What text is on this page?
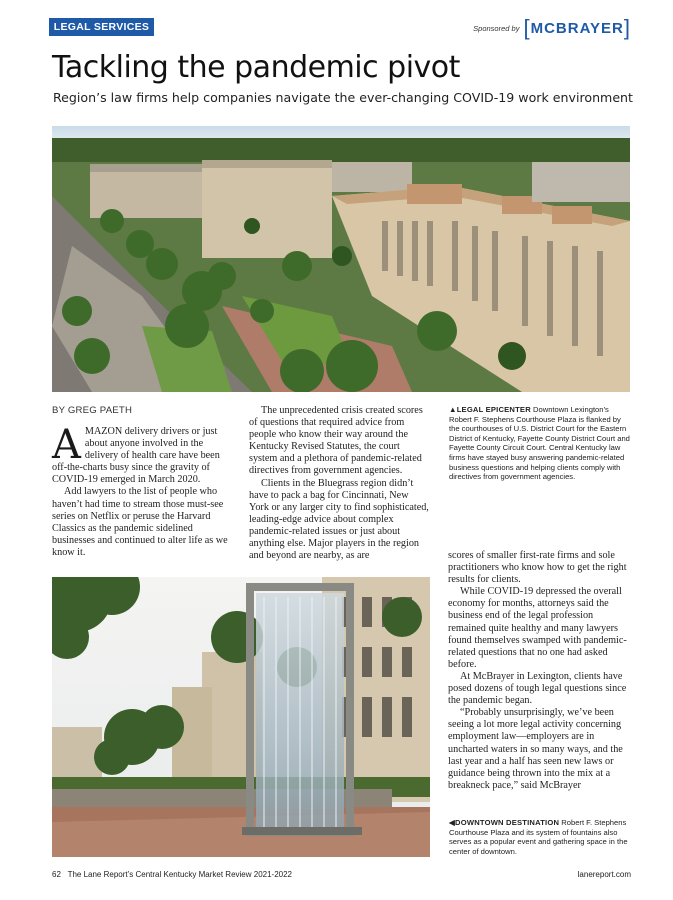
LEGAL SERVICES	Sponsored by [ MCBRAYER ]
Tackling the pandemic pivot
Region’s law firms help companies navigate the ever-changing COVID-19 work environment
BY GREG PAETH

AMAZON delivery drivers or just about anyone involved in the delivery of health care have been off-the-charts busy since the gravity of COVID-19 emerged in March 2020.

Add lawyers to the list of people who haven’t had time to stream those must-see series on Netflix or peruse the Harvard Classics as the pandemic sidelined businesses and continued to alter life as we know it.

The unprecedented crisis created scores of questions that required advice from people who know their way around the Kentucky Revised Statutes, the court system and a plethora of pandemic-related directives from government agencies.

Clients in the Bluegrass region didn’t have to pack a bag for Cincinnati, New York or any larger city to find sophisticated, leading-edge advice about complex pandemic-related issues or just about anything else. Major players in the region and beyond are nearby, as are

▲LEGAL EPICENTER Downtown Lexington’s Robert F. Stephens Courthouse Plaza is flanked by the courthouses of U.S. District Court for the Eastern District of Kentucky, Fayette County District Court and Fayette County Circuit Court. Central Kentucky law firms have stayed busy answering pandemic-related business questions and helping clients comply with directives from government agencies.

scores of smaller first-rate firms and sole practitioners who know how to get the right results for clients.

While COVID-19 depressed the overall economy for months, attorneys said the business end of the legal profession remained quite healthy and many lawyers found themselves swamped with pandemic-related questions that no one had asked before.

At McBrayer in Lexington, clients have posed dozens of tough legal questions since the pandemic began.

“Probably unsurprisingly, we’ve been seeing a lot more legal activity concerning employment law—employers are in uncharted waters in so many ways, and the last year and a half has seen new laws or guidance being thrown into the mix at a breakneck pace,” said McBrayer

◀DOWNTOWN DESTINATION Robert F. Stephens Courthouse Plaza and its system of fountains also serves as a popular event and gathering space in the center of downtown.
62 The Lane Report’s Central Kentucky Market Review 2021-2022	lanereport.com
